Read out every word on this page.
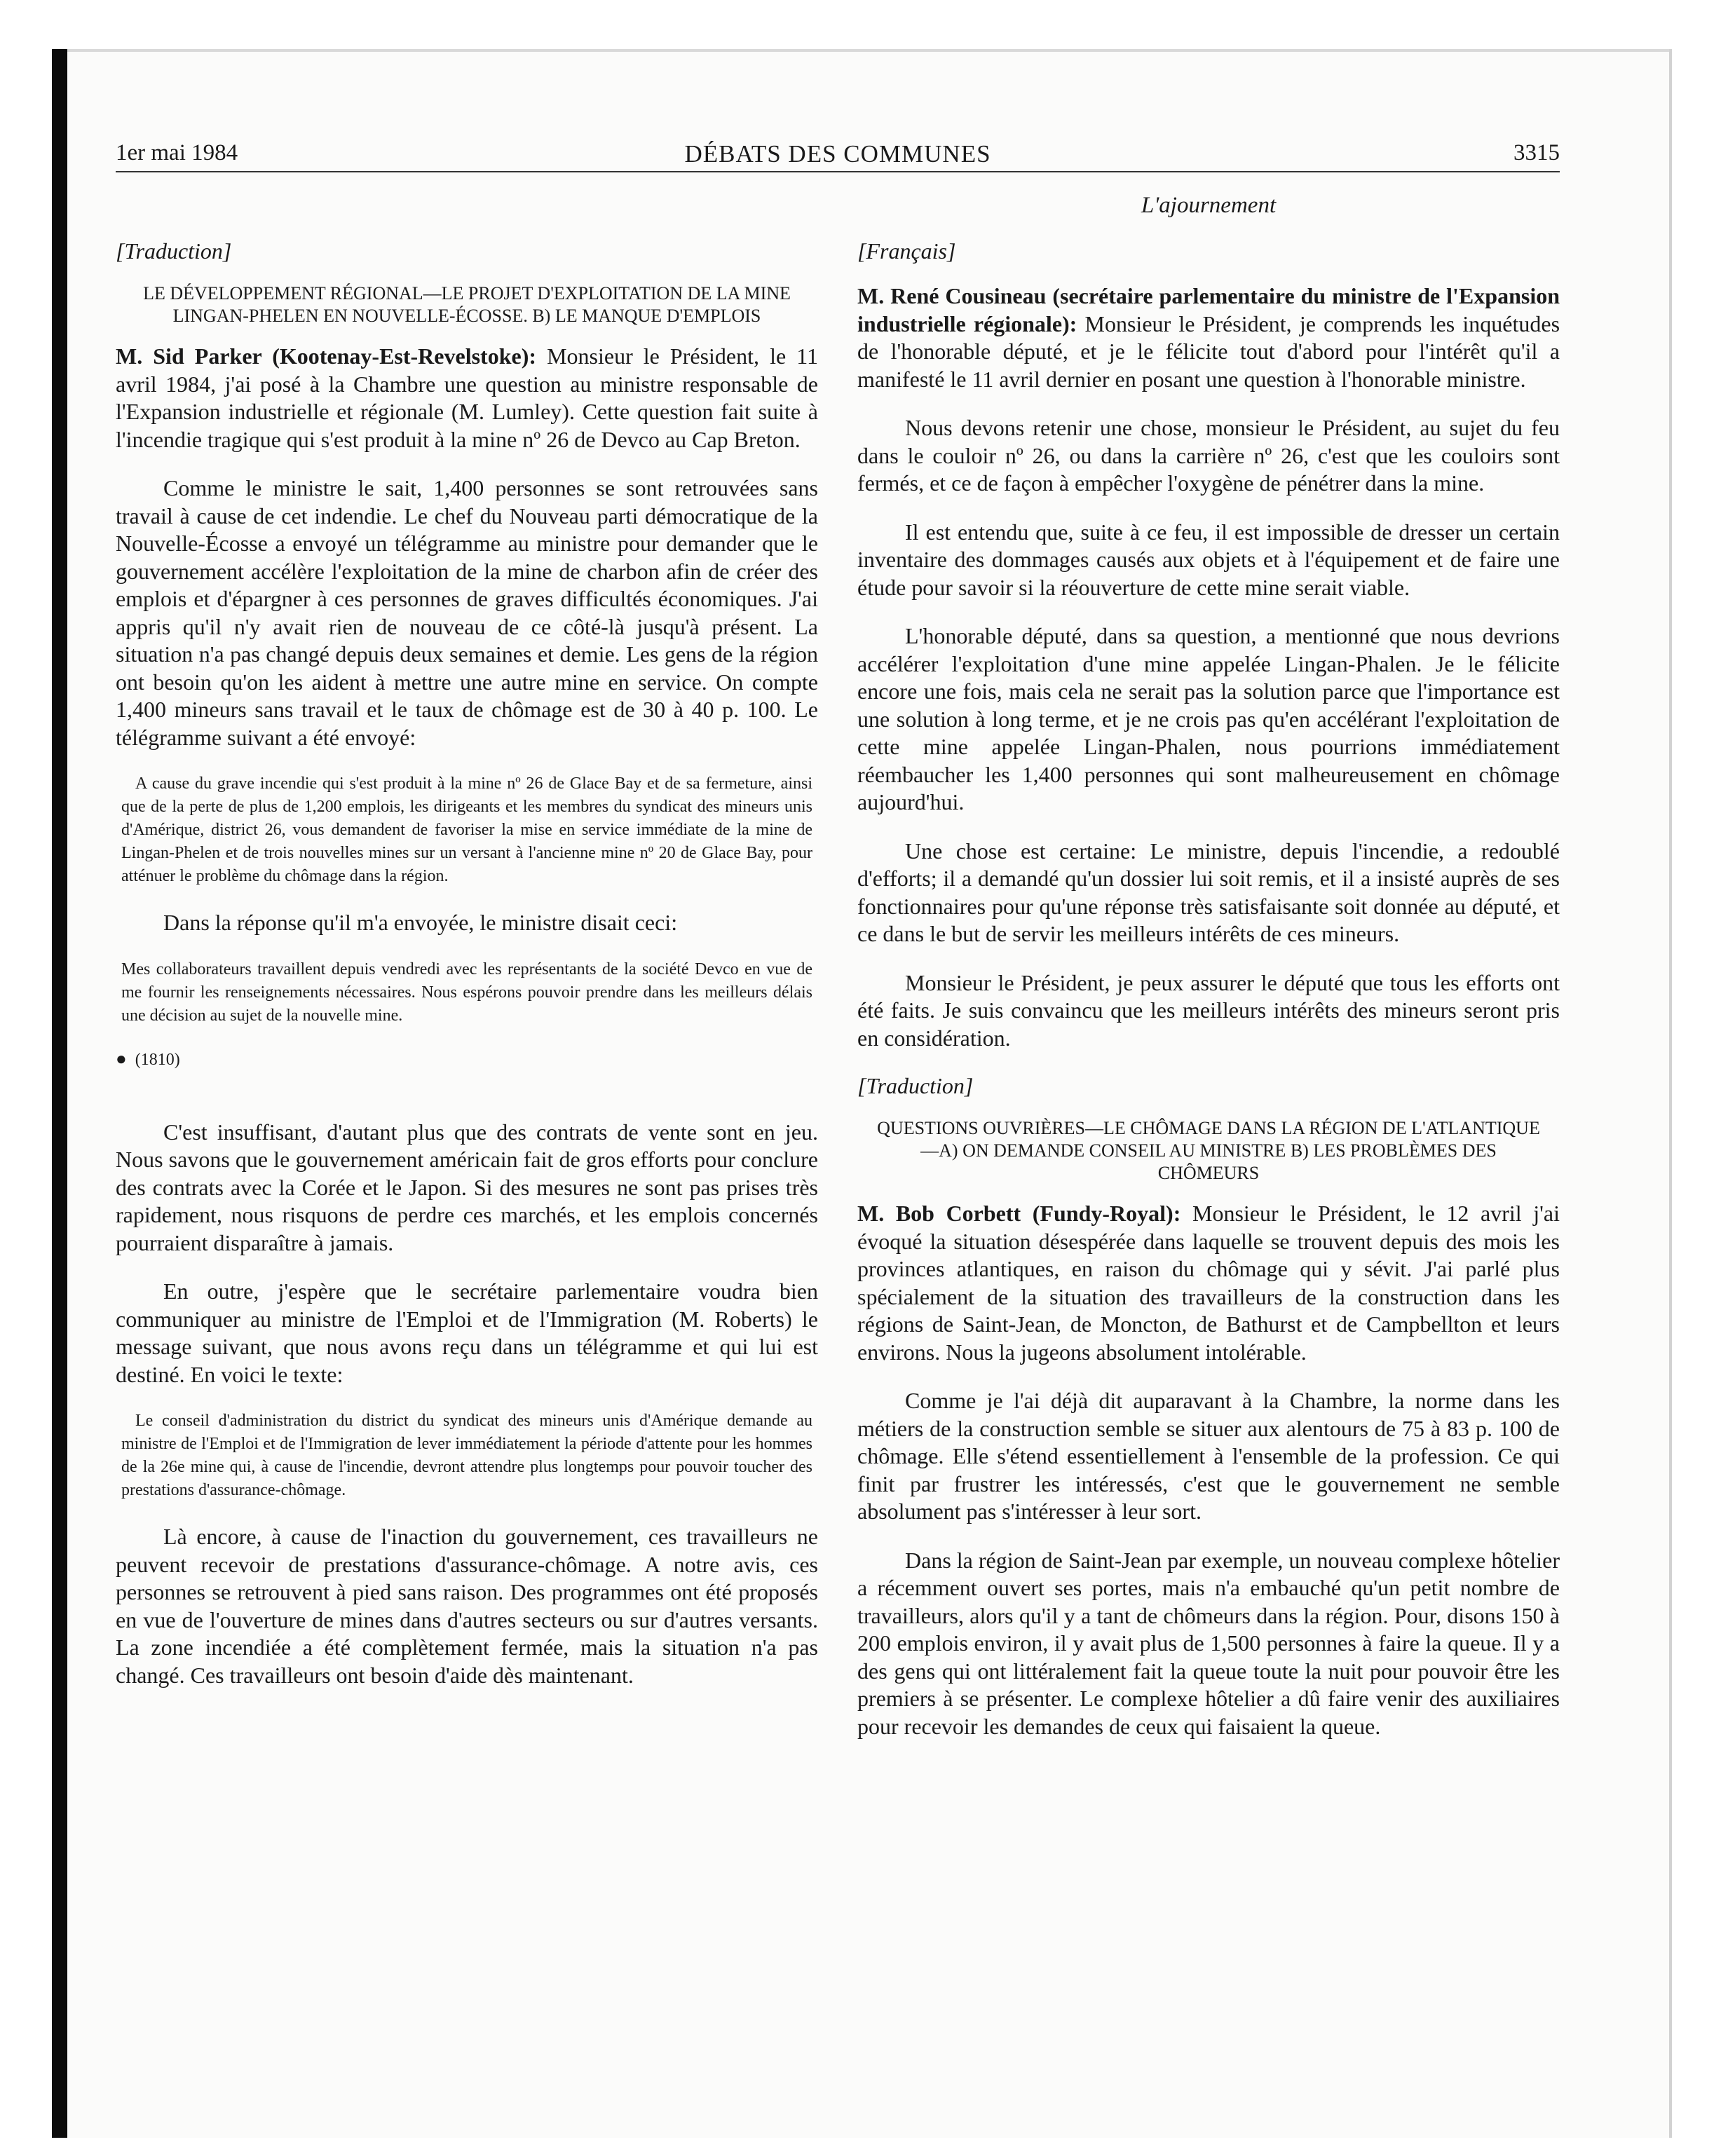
1er mai 1984	DÉBATS DES COMMUNES	3315
L'ajournement
[Traduction]
LE DÉVELOPPEMENT RÉGIONAL—LE PROJET D'EXPLOITATION DE LA MINE LINGAN-PHELEN EN NOUVELLE-ÉCOSSE. B) LE MANQUE D'EMPLOIS

M. Sid Parker (Kootenay-Est-Revelstoke): Monsieur le Président, le 11 avril 1984, j'ai posé à la Chambre une question au ministre responsable de l'Expansion industrielle et régionale (M. Lumley). Cette question fait suite à l'incendie tragique qui s'est produit à la mine nº 26 de Devco au Cap Breton.

Comme le ministre le sait, 1,400 personnes se sont retrouvées sans travail à cause de cet indendie. Le chef du Nouveau parti démocratique de la Nouvelle-Écosse a envoyé un télégramme au ministre pour demander que le gouvernement accélère l'exploitation de la mine de charbon afin de créer des emplois et d'épargner à ces personnes de graves difficultés économiques. J'ai appris qu'il n'y avait rien de nouveau de ce côté-là jusqu'à présent. La situation n'a pas changé depuis deux semaines et demie. Les gens de la région ont besoin qu'on les aident à mettre une autre mine en service. On compte 1,400 mineurs sans travail et le taux de chômage est de 30 à 40 p. 100. Le télégramme suivant a été envoyé:

A cause du grave incendie qui s'est produit à la mine nº 26 de Glace Bay et de sa fermeture, ainsi que de la perte de plus de 1,200 emplois, les dirigeants et les membres du syndicat des mineurs unis d'Amérique, district 26, vous demandent de favoriser la mise en service immédiate de la mine de Lingan-Phelen et de trois nouvelles mines sur un versant à l'ancienne mine nº 20 de Glace Bay, pour atténuer le problème du chômage dans la région.

Dans la réponse qu'il m'a envoyée, le ministre disait ceci:

Mes collaborateurs travaillent depuis vendredi avec les représentants de la société Devco en vue de me fournir les renseignements nécessaires. Nous espérons pouvoir prendre dans les meilleurs délais une décision au sujet de la nouvelle mine.
● (1810)

C'est insuffisant, d'autant plus que des contrats de vente sont en jeu. Nous savons que le gouvernement américain fait de gros efforts pour conclure des contrats avec la Corée et le Japon. Si des mesures ne sont pas prises très rapidement, nous risquons de perdre ces marchés, et les emplois concernés pourraient disparaître à jamais.

En outre, j'espère que le secrétaire parlementaire voudra bien communiquer au ministre de l'Emploi et de l'Immigration (M. Roberts) le message suivant, que nous avons reçu dans un télégramme et qui lui est destiné. En voici le texte:

Le conseil d'administration du district du syndicat des mineurs unis d'Amérique demande au ministre de l'Emploi et de l'Immigration de lever immédiatement la période d'attente pour les hommes de la 26e mine qui, à cause de l'incendie, devront attendre plus longtemps pour pouvoir toucher des prestations d'assurance-chômage.

Là encore, à cause de l'inaction du gouvernement, ces travailleurs ne peuvent recevoir de prestations d'assurance-chômage. A notre avis, ces personnes se retrouvent à pied sans raison. Des programmes ont été proposés en vue de l'ouverture de mines dans d'autres secteurs ou sur d'autres versants. La zone incendiée a été complètement fermée, mais la situation n'a pas changé. Ces travailleurs ont besoin d'aide dès maintenant.

[Français]

M. René Cousineau (secrétaire parlementaire du ministre de l'Expansion industrielle régionale): Monsieur le Président, je comprends les inquétudes de l'honorable député, et je le félicite tout d'abord pour l'intérêt qu'il a manifesté le 11 avril dernier en posant une question à l'honorable ministre.

Nous devons retenir une chose, monsieur le Président, au sujet du feu dans le couloir nº 26, ou dans la carrière nº 26, c'est que les couloirs sont fermés, et ce de façon à empêcher l'oxygène de pénétrer dans la mine.

Il est entendu que, suite à ce feu, il est impossible de dresser un certain inventaire des dommages causés aux objets et à l'équipement et de faire une étude pour savoir si la réouverture de cette mine serait viable.

L'honorable député, dans sa question, a mentionné que nous devrions accélérer l'exploitation d'une mine appelée Lingan-Phalen. Je le félicite encore une fois, mais cela ne serait pas la solution parce que l'importance est une solution à long terme, et je ne crois pas qu'en accélérant l'exploitation de cette mine appelée Lingan-Phalen, nous pourrions immédiatement réembaucher les 1,400 personnes qui sont malheureusement en chômage aujourd'hui.

Une chose est certaine: Le ministre, depuis l'incendie, a redoublé d'efforts; il a demandé qu'un dossier lui soit remis, et il a insisté auprès de ses fonctionnaires pour qu'une réponse très satisfaisante soit donnée au député, et ce dans le but de servir les meilleurs intérêts de ces mineurs.

Monsieur le Président, je peux assurer le député que tous les efforts ont été faits. Je suis convaincu que les meilleurs intérêts des mineurs seront pris en considération.

[Traduction]
QUESTIONS OUVRIÈRES—LE CHÔMAGE DANS LA RÉGION DE L'ATLANTIQUE—A) ON DEMANDE CONSEIL AU MINISTRE B) LES PROBLÈMES DES CHÔMEURS

M. Bob Corbett (Fundy-Royal): Monsieur le Président, le 12 avril j'ai évoqué la situation désespérée dans laquelle se trouvent depuis des mois les provinces atlantiques, en raison du chômage qui y sévit. J'ai parlé plus spécialement de la situation des travailleurs de la construction dans les régions de Saint-Jean, de Moncton, de Bathurst et de Campbellton et leurs environs. Nous la jugeons absolument intolérable.

Comme je l'ai déjà dit auparavant à la Chambre, la norme dans les métiers de la construction semble se situer aux alentours de 75 à 83 p. 100 de chômage. Elle s'étend essentiellement à l'ensemble de la profession. Ce qui finit par frustrer les intéressés, c'est que le gouvernement ne semble absolument pas s'intéresser à leur sort.

Dans la région de Saint-Jean par exemple, un nouveau complexe hôtelier a récemment ouvert ses portes, mais n'a embauché qu'un petit nombre de travailleurs, alors qu'il y a tant de chômeurs dans la région. Pour, disons 150 à 200 emplois environ, il y avait plus de 1,500 personnes à faire la queue. Il y a des gens qui ont littéralement fait la queue toute la nuit pour pouvoir être les premiers à se présenter. Le complexe hôtelier a dû faire venir des auxiliaires pour recevoir les demandes de ceux qui faisaient la queue.
